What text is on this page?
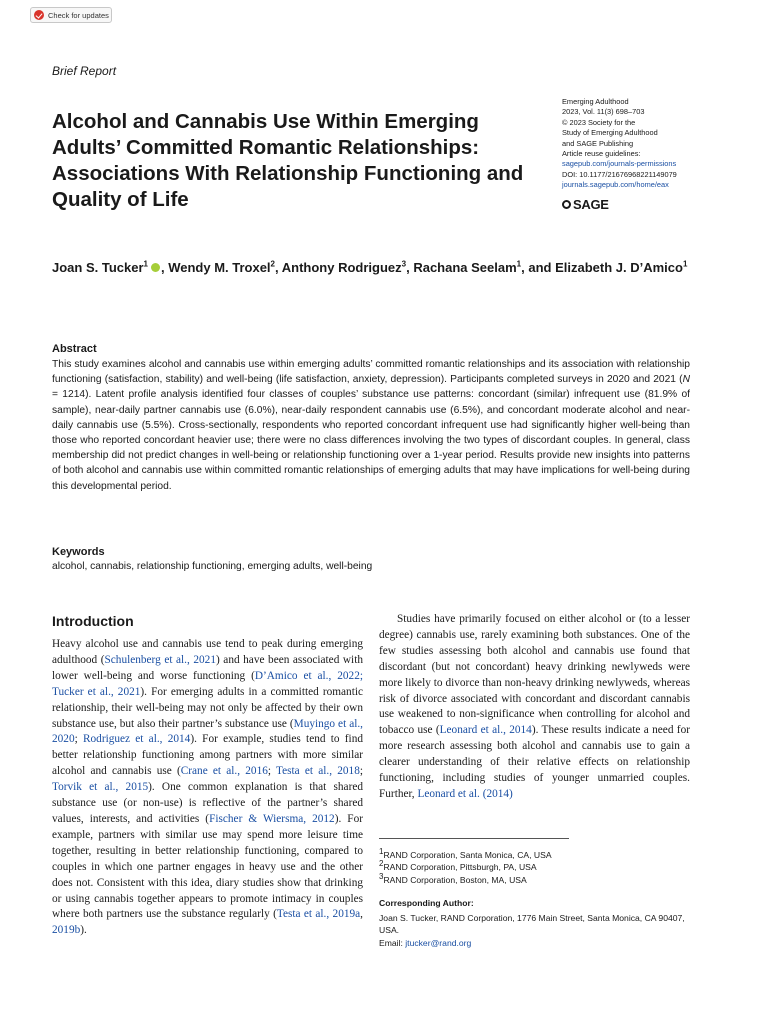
Check for updates
Brief Report
Alcohol and Cannabis Use Within Emerging Adults’ Committed Romantic Relationships: Associations With Relationship Functioning and Quality of Life
Emerging Adulthood
2023, Vol. 11(3) 698–703
© 2023 Society for the
Study of Emerging Adulthood
and SAGE Publishing
Article reuse guidelines:
sagepub.com/journals-permissions
DOI: 10.1177/21676968221149079
journals.sagepub.com/home/eax
SAGE
Joan S. Tucker$^1$ , Wendy M. Troxel$^2$, Anthony Rodriguez$^3$, Rachana Seelam$^1$, and Elizabeth J. D’Amico$^1$
Abstract
This study examines alcohol and cannabis use within emerging adults’ committed romantic relationships and its association with relationship functioning (satisfaction, stability) and well-being (life satisfaction, anxiety, depression). Participants completed surveys in 2020 and 2021 (N = 1214). Latent profile analysis identified four classes of couples’ substance use patterns: concordant (similar) infrequent use (81.9% of sample), near-daily partner cannabis use (6.0%), near-daily respondent cannabis use (6.5%), and concordant moderate alcohol and near-daily cannabis use (5.5%). Cross-sectionally, respondents who reported concordant infrequent use had significantly higher well-being than those who reported concordant heavier use; there were no class differences involving the two types of discordant couples. In general, class membership did not predict changes in well-being or relationship functioning over a 1-year period. Results provide new insights into patterns of both alcohol and cannabis use within committed romantic relationships of emerging adults that may have implications for well-being during this developmental period.
Keywords
alcohol, cannabis, relationship functioning, emerging adults, well-being
Introduction

Heavy alcohol use and cannabis use tend to peak during emerging adulthood (Schulenberg et al., 2021) and have been associated with lower well-being and worse functioning (D’Amico et al., 2022; Tucker et al., 2021). For emerging adults in a committed romantic relationship, their well-being may not only be affected by their own substance use, but also their partner’s substance use (Muyingo et al., 2020; Rodriguez et al., 2014). For example, studies tend to find better relationship functioning among partners with more similar alcohol and cannabis use (Crane et al., 2016; Testa et al., 2018; Torvik et al., 2015). One common explanation is that shared substance use (or non-use) is reflective of the partner’s shared values, interests, and activities (Fischer & Wiersma, 2012). For example, partners with similar use may spend more leisure time together, resulting in better relationship functioning, compared to couples in which one partner engages in heavy use and the other does not. Consistent with this idea, diary studies show that drinking or using cannabis together appears to promote intimacy in couples where both partners use the substance regularly (Testa et al., 2019a, 2019b).

Studies have primarily focused on either alcohol or (to a lesser degree) cannabis use, rarely examining both substances. One of the few studies assessing both alcohol and cannabis use found that discordant (but not concordant) heavy drinking newlyweds were more likely to divorce than non-heavy drinking newlyweds, whereas risk of divorce associated with concordant and discordant cannabis use weakened to non-significance when controlling for alcohol and tobacco use (Leonard et al., 2014). These results indicate a need for more research assessing both alcohol and cannabis use to gain a clearer understanding of their relative effects on relationship functioning, including studies of younger unmarried couples. Further, Leonard et al. (2014)

$^1$RAND Corporation, Santa Monica, CA, USA
$^2$RAND Corporation, Pittsburgh, PA, USA
$^3$RAND Corporation, Boston, MA, USA
Corresponding Author:
Joan S. Tucker, RAND Corporation, 1776 Main Street, Santa Monica, CA 90407, USA.
Email: jtucker@rand.org
